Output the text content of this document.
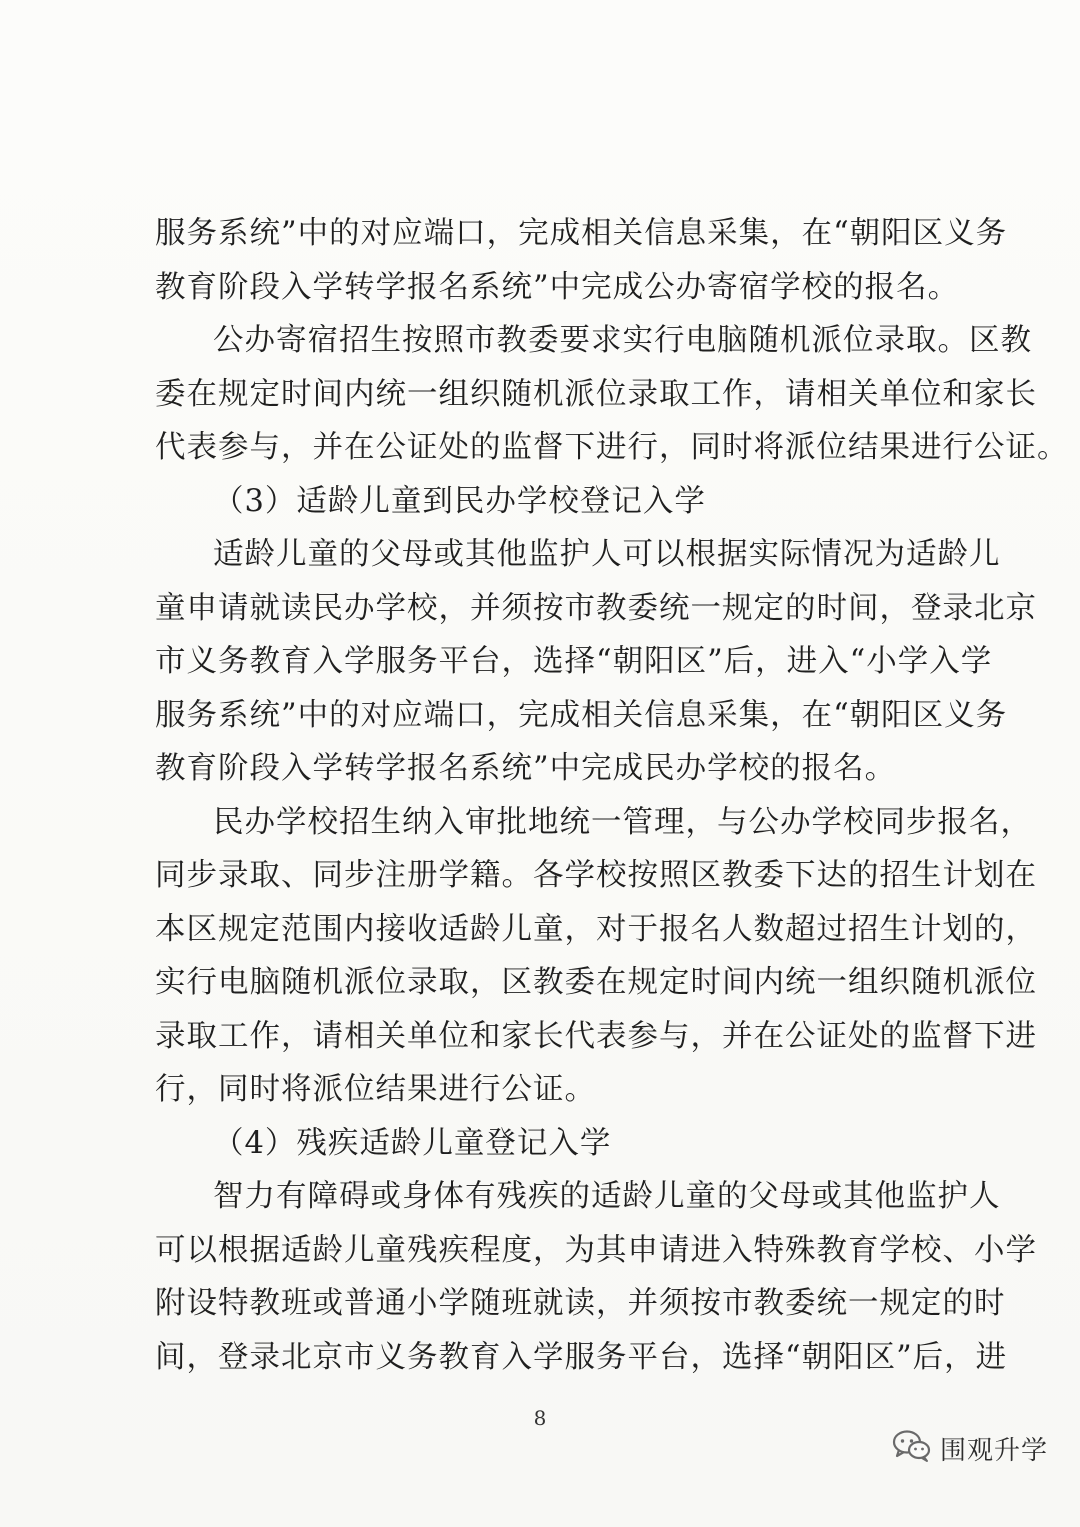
服务系统”中的对应端口，完成相关信息采集，在“朝阳区义务
教育阶段入学转学报名系统”中完成公办寄宿学校的报名。
公办寄宿招生按照市教委要求实行电脑随机派位录取。区教
委在规定时间内统一组织随机派位录取工作，请相关单位和家长
代表参与，并在公证处的监督下进行，同时将派位结果进行公证。
（3）适龄儿童到民办学校登记入学
适龄儿童的父母或其他监护人可以根据实际情况为适龄儿
童申请就读民办学校，并须按市教委统一规定的时间，登录北京
市义务教育入学服务平台，选择“朝阳区”后，进入“小学入学
服务系统”中的对应端口，完成相关信息采集，在“朝阳区义务
教育阶段入学转学报名系统”中完成民办学校的报名。
民办学校招生纳入审批地统一管理，与公办学校同步报名，
同步录取、同步注册学籍。各学校按照区教委下达的招生计划在
本区规定范围内接收适龄儿童，对于报名人数超过招生计划的，
实行电脑随机派位录取，区教委在规定时间内统一组织随机派位
录取工作，请相关单位和家长代表参与，并在公证处的监督下进
行，同时将派位结果进行公证。
（4）残疾适龄儿童登记入学
智力有障碍或身体有残疾的适龄儿童的父母或其他监护人
可以根据适龄儿童残疾程度，为其申请进入特殊教育学校、小学
附设特教班或普通小学随班就读，并须按市教委统一规定的时
间，登录北京市义务教育入学服务平台，选择“朝阳区”后，进
8
围观升学
